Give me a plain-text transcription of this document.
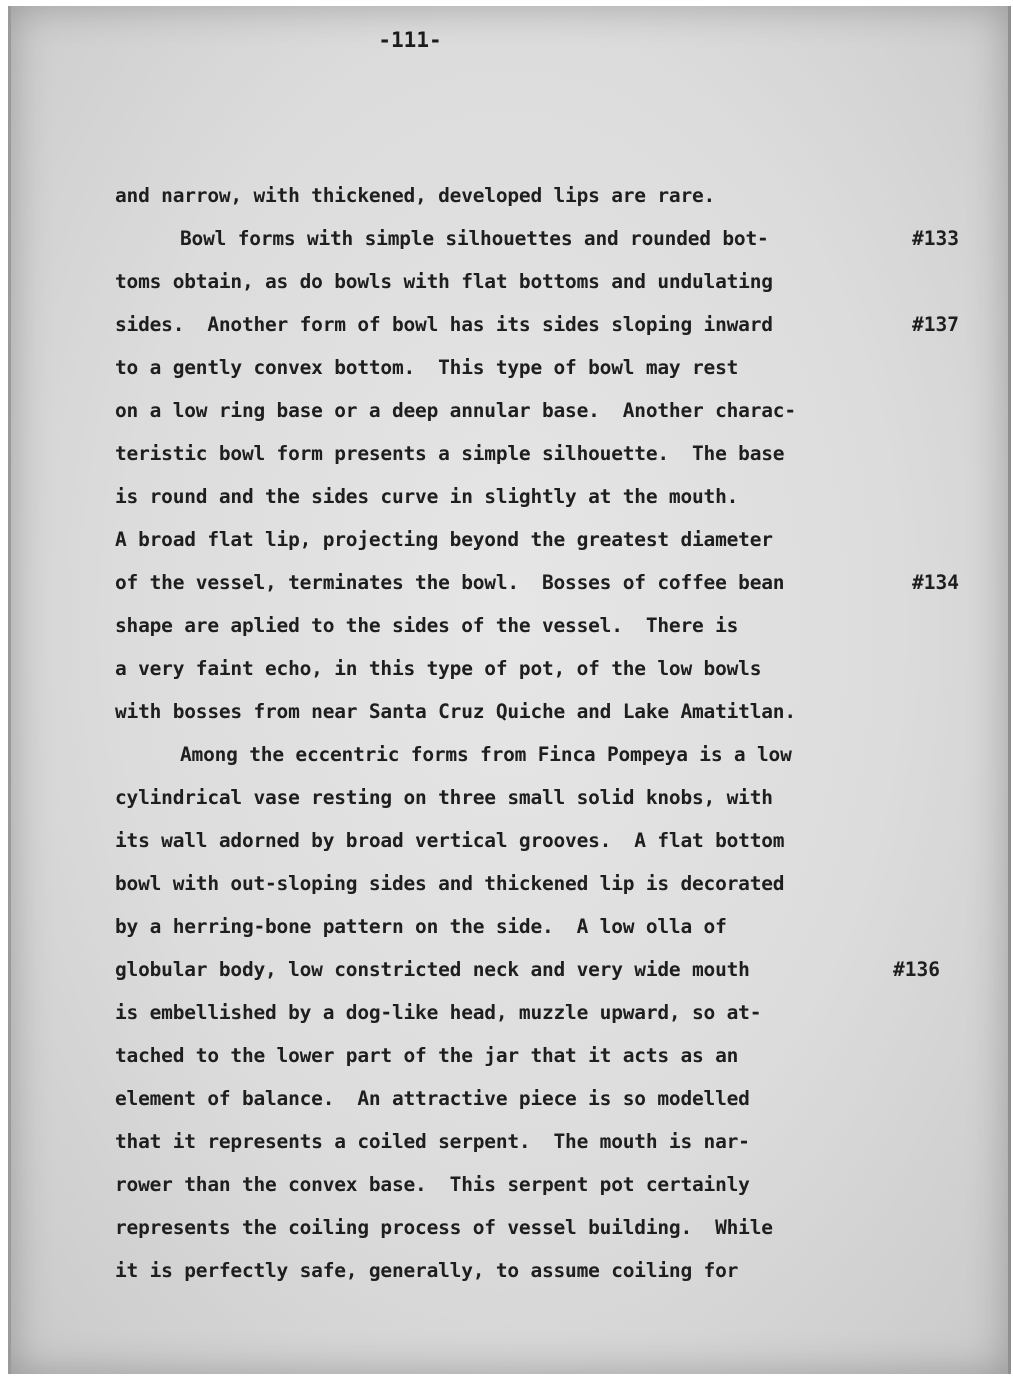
-111-
and narrow, with thickened, developed lips are rare.
Bowl forms with simple silhouettes and rounded bot-
toms obtain, as do bowls with flat bottoms and undulating
sides.  Another form of bowl has its sides sloping inward
to a gently convex bottom.  This type of bowl may rest
on a low ring base or a deep annular base.  Another charac-
teristic bowl form presents a simple silhouette.  The base
is round and the sides curve in slightly at the mouth.
A broad flat lip, projecting beyond the greatest diameter
of the vessel, terminates the bowl.  Bosses of coffee bean
shape are aplied to the sides of the vessel.  There is
a very faint echo, in this type of pot, of the low bowls
with bosses from near Santa Cruz Quiche and Lake Amatitlan.
Among the eccentric forms from Finca Pompeya is a low
cylindrical vase resting on three small solid knobs, with
its wall adorned by broad vertical grooves.  A flat bottom
bowl with out-sloping sides and thickened lip is decorated
by a herring-bone pattern on the side.  A low olla of
globular body, low constricted neck and very wide mouth
is embellished by a dog-like head, muzzle upward, so at-
tached to the lower part of the jar that it acts as an
element of balance.  An attractive piece is so modelled
that it represents a coiled serpent.  The mouth is nar-
rower than the convex base.  This serpent pot certainly
represents the coiling process of vessel building.  While
it is perfectly safe, generally, to assume coiling for
#133
#137
#134
#136
